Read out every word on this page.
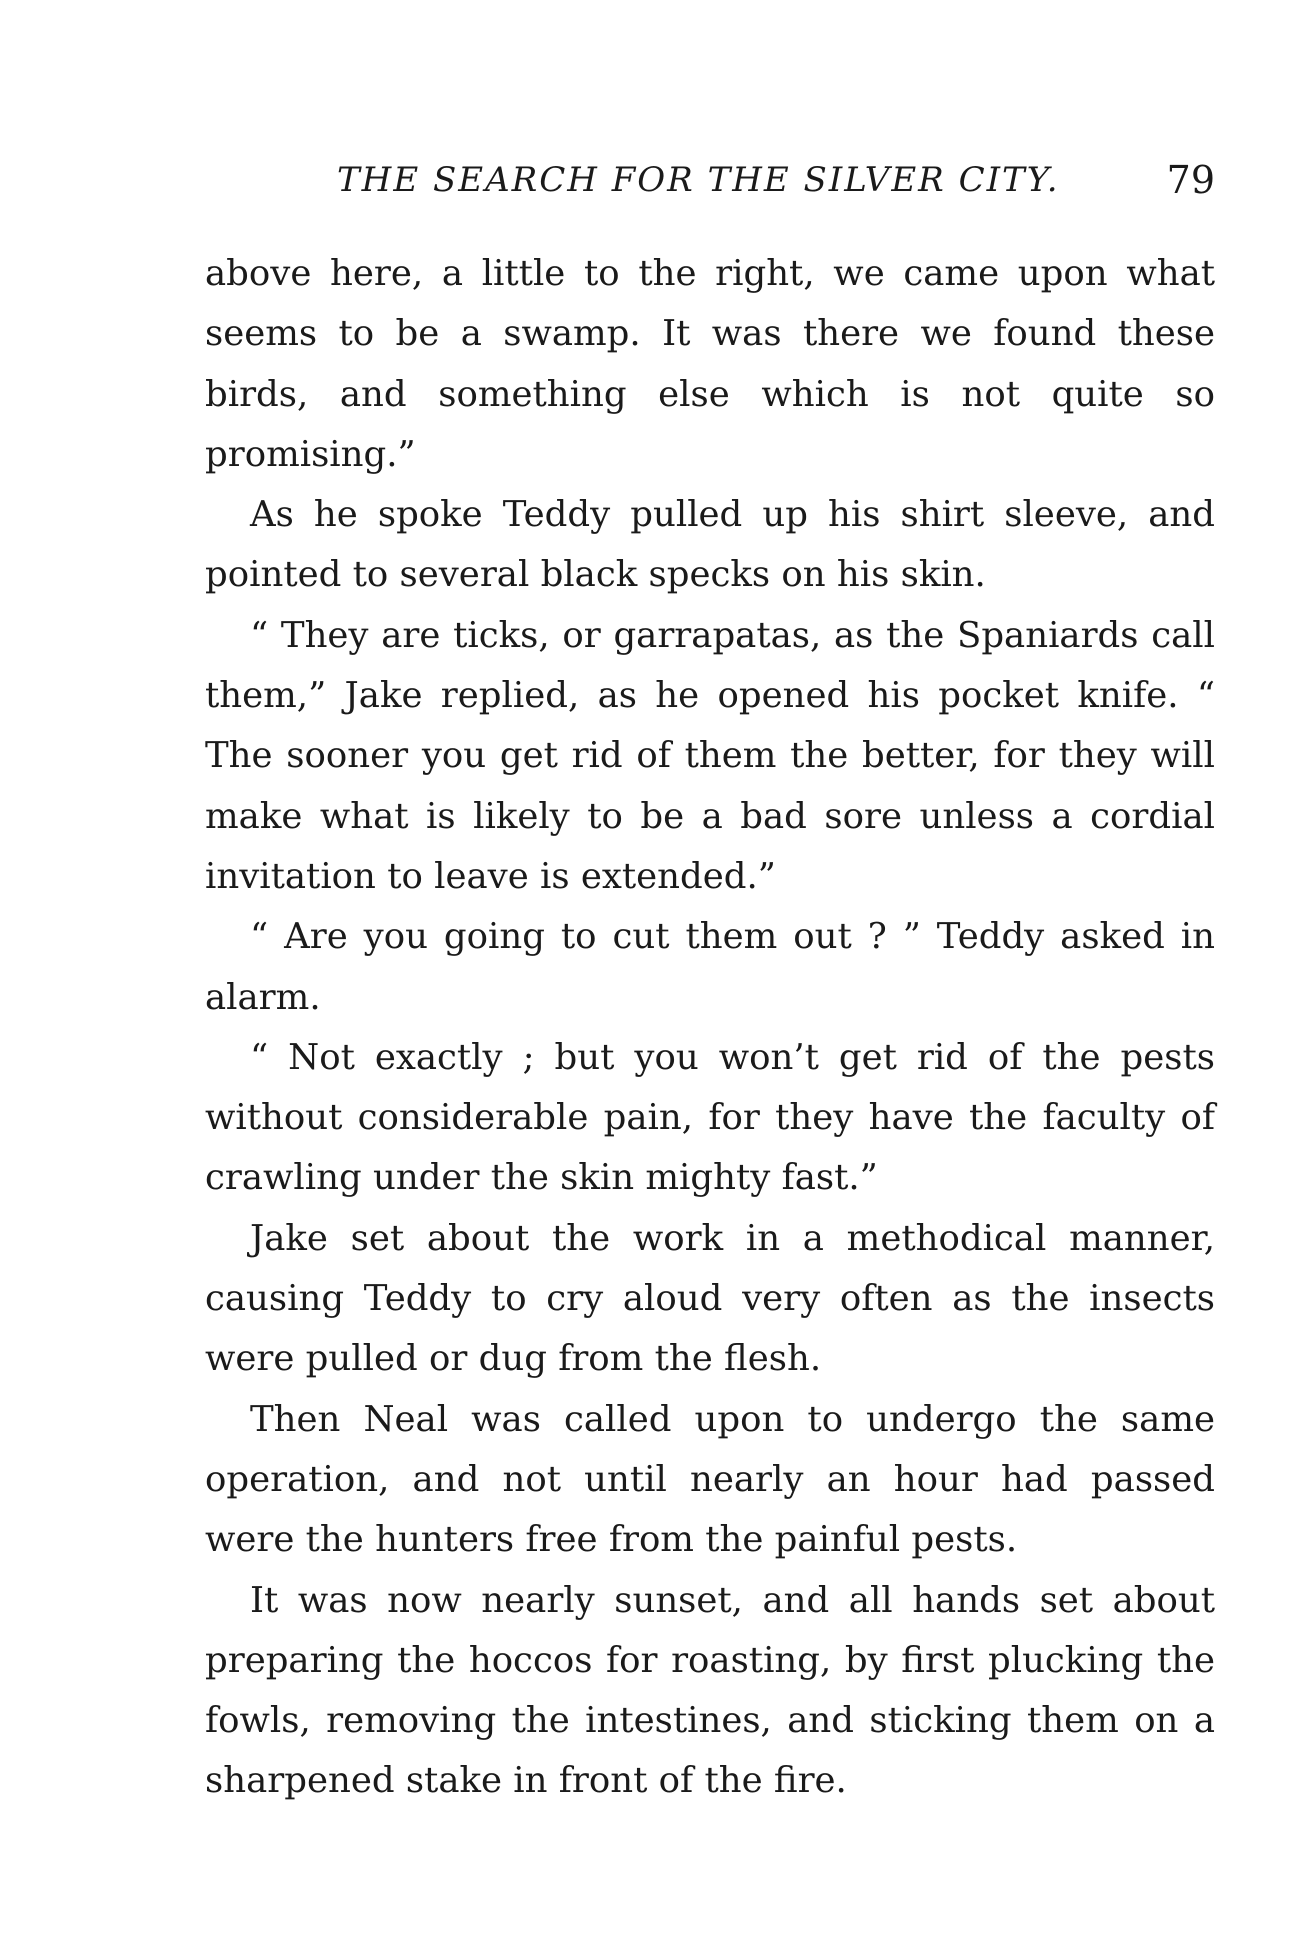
THE SEARCH FOR THE SILVER CITY.	79

above here, a little to the right, we came upon what seems to be a swamp. It was there we found these birds, and something else which is not quite so promising.”

As he spoke Teddy pulled up his shirt sleeve, and pointed to several black specks on his skin.

“ They are ticks, or garrapatas, as the Spaniards call them,” Jake replied, as he opened his pocket knife. “ The sooner you get rid of them the better, for they will make what is likely to be a bad sore unless a cordial invitation to leave is extended.”

“ Are you going to cut them out ? ” Teddy asked in alarm.

“ Not exactly ; but you won’t get rid of the pests without considerable pain, for they have the faculty of crawling under the skin mighty fast.”

Jake set about the work in a methodical manner, causing Teddy to cry aloud very often as the insects were pulled or dug from the flesh.

Then Neal was called upon to undergo the same operation, and not until nearly an hour had passed were the hunters free from the painful pests.

It was now nearly sunset, and all hands set about preparing the hoccos for roasting, by first plucking the fowls, removing the intestines, and sticking them on a sharpened stake in front of the fire.
